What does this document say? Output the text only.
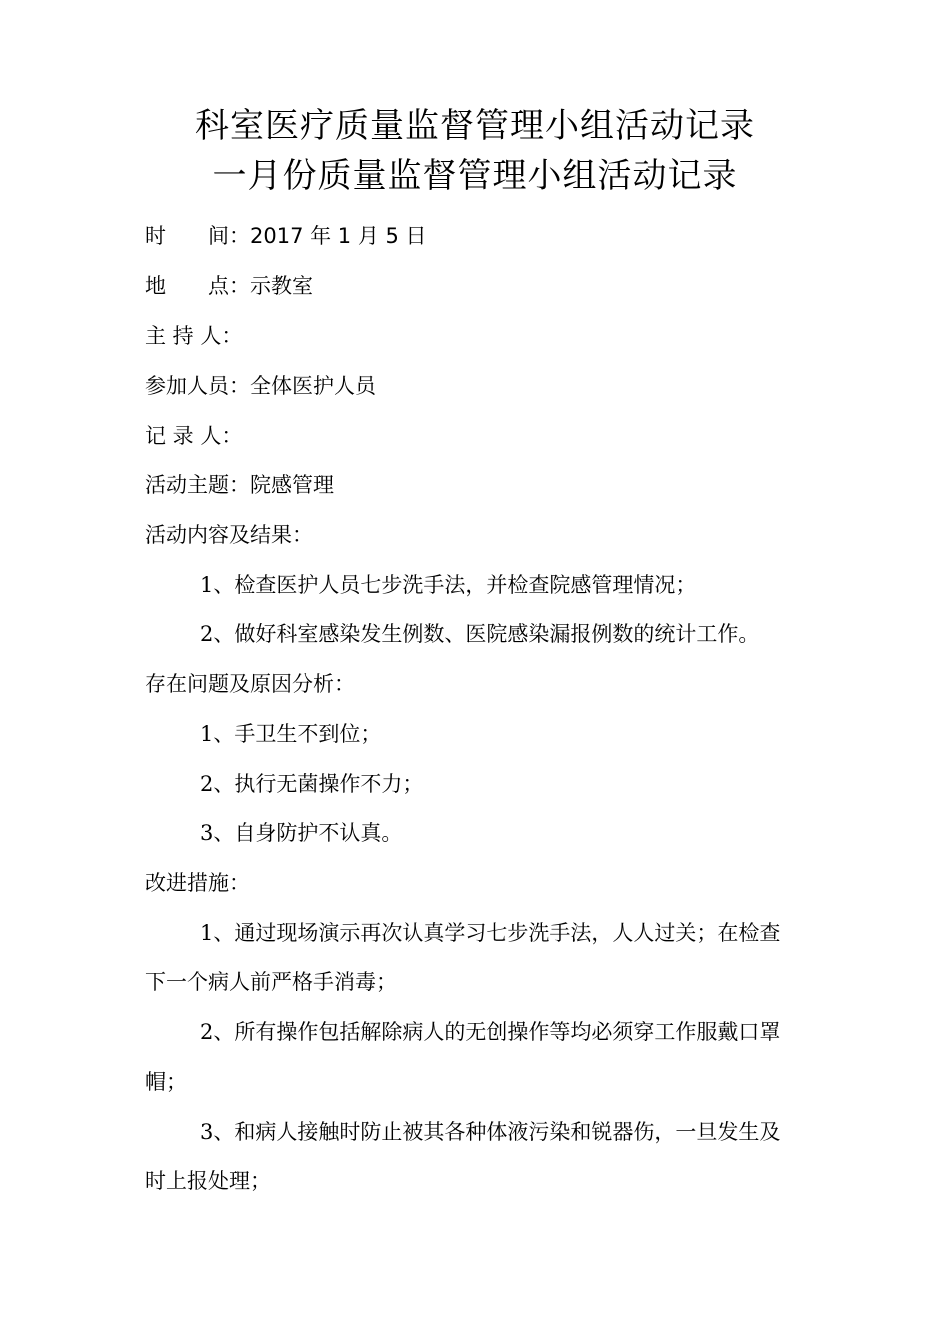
科室医疗质量监督管理小组活动记录
一月份质量监督管理小组活动记录
时　　间：2017 年 1 月 5 日
地　　点：示教室
主 持 人：
参加人员：全体医护人员
记 录 人：
活动主题：院感管理
活动内容及结果：
1、检查医护人员七步洗手法，并检查院感管理情况；
2、做好科室感染发生例数、医院感染漏报例数的统计工作。
存在问题及原因分析：
1、手卫生不到位；
2、执行无菌操作不力；
3、自身防护不认真。
改进措施：
1、通过现场演示再次认真学习七步洗手法，人人过关；在检查
下一个病人前严格手消毒；
2、所有操作包括解除病人的无创操作等均必须穿工作服戴口罩
帽；
3、和病人接触时防止被其各种体液污染和锐器伤，一旦发生及
时上报处理；
